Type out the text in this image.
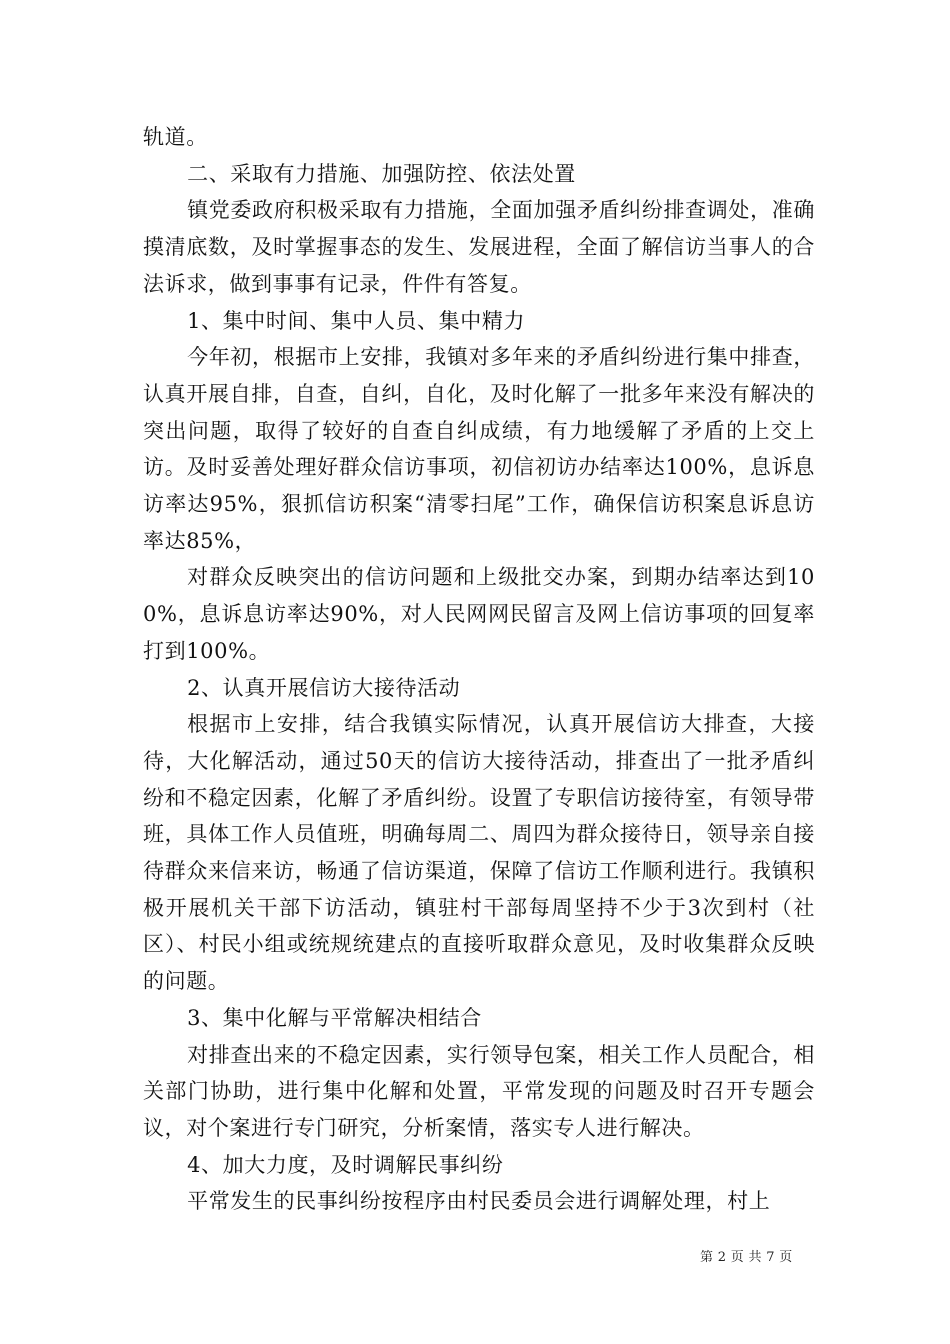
轨道。

二、采取有力措施、加强防控、依法处置

镇党委政府积极采取有力措施，全面加强矛盾纠纷排查调处，准确摸清底数，及时掌握事态的发生、发展进程，全面了解信访当事人的合法诉求，做到事事有记录，件件有答复。

1、集中时间、集中人员、集中精力

今年初，根据市上安排，我镇对多年来的矛盾纠纷进行集中排查，认真开展自排，自查，自纠，自化，及时化解了一批多年来没有解决的突出问题，取得了较好的自查自纠成绩，有力地缓解了矛盾的上交上访。及时妥善处理好群众信访事项，初信初访办结率达100%，息诉息访率达95%，狠抓信访积案“清零扫尾”工作，确保信访积案息诉息访率达85%，

对群众反映突出的信访问题和上级批交办案，到期办结率达到100%，息诉息访率达90%，对人民网网民留言及网上信访事项的回复率打到100%。

2、认真开展信访大接待活动

根据市上安排，结合我镇实际情况，认真开展信访大排查，大接待，大化解活动，通过50天的信访大接待活动，排查出了一批矛盾纠纷和不稳定因素，化解了矛盾纠纷。设置了专职信访接待室，有领导带班，具体工作人员值班，明确每周二、周四为群众接待日，领导亲自接待群众来信来访，畅通了信访渠道，保障了信访工作顺利进行。我镇积极开展机关干部下访活动，镇驻村干部每周坚持不少于3次到村（社区）、村民小组或统规统建点的直接听取群众意见，及时收集群众反映的问题。

3、集中化解与平常解决相结合

对排查出来的不稳定因素，实行领导包案，相关工作人员配合，相关部门协助，进行集中化解和处置，平常发现的问题及时召开专题会议，对个案进行专门研究，分析案情，落实专人进行解决。

4、加大力度，及时调解民事纠纷

平常发生的民事纠纷按程序由村民委员会进行调解处理，村上

第 2 页 共 7 页
